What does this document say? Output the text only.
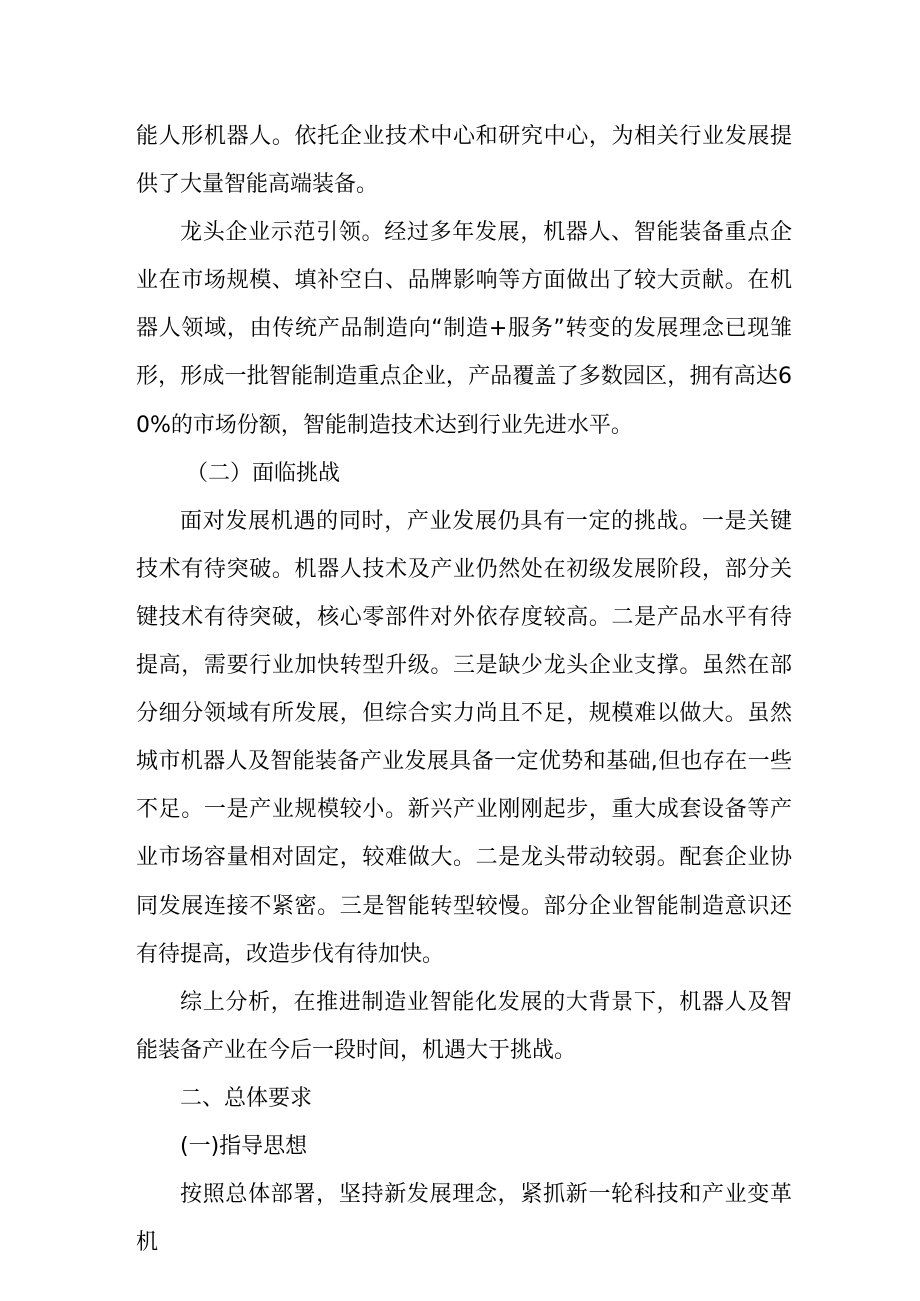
能人形机器人。依托企业技术中心和研究中心，为相关行业发展提供了大量智能高端装备。

龙头企业示范引领。经过多年发展，机器人、智能装备重点企业在市场规模、填补空白、品牌影响等方面做出了较大贡献。在机器人领域，由传统产品制造向“制造+服务”转变的发展理念已现雏形，形成一批智能制造重点企业，产品覆盖了多数园区，拥有高达60%的市场份额，智能制造技术达到行业先进水平。

（二）面临挑战

面对发展机遇的同时，产业发展仍具有一定的挑战。一是关键技术有待突破。机器人技术及产业仍然处在初级发展阶段，部分关键技术有待突破，核心零部件对外依存度较高。二是产品水平有待提高，需要行业加快转型升级。三是缺少龙头企业支撑。虽然在部分细分领域有所发展，但综合实力尚且不足，规模难以做大。虽然城市机器人及智能装备产业发展具备一定优势和基础,但也存在一些不足。一是产业规模较小。新兴产业刚刚起步，重大成套设备等产业市场容量相对固定，较难做大。二是龙头带动较弱。配套企业协同发展连接不紧密。三是智能转型较慢。部分企业智能制造意识还有待提高，改造步伐有待加快。

综上分析，在推进制造业智能化发展的大背景下，机器人及智能装备产业在今后一段时间，机遇大于挑战。

二、总体要求

(一)指导思想

按照总体部署，坚持新发展理念，紧抓新一轮科技和产业变革机
